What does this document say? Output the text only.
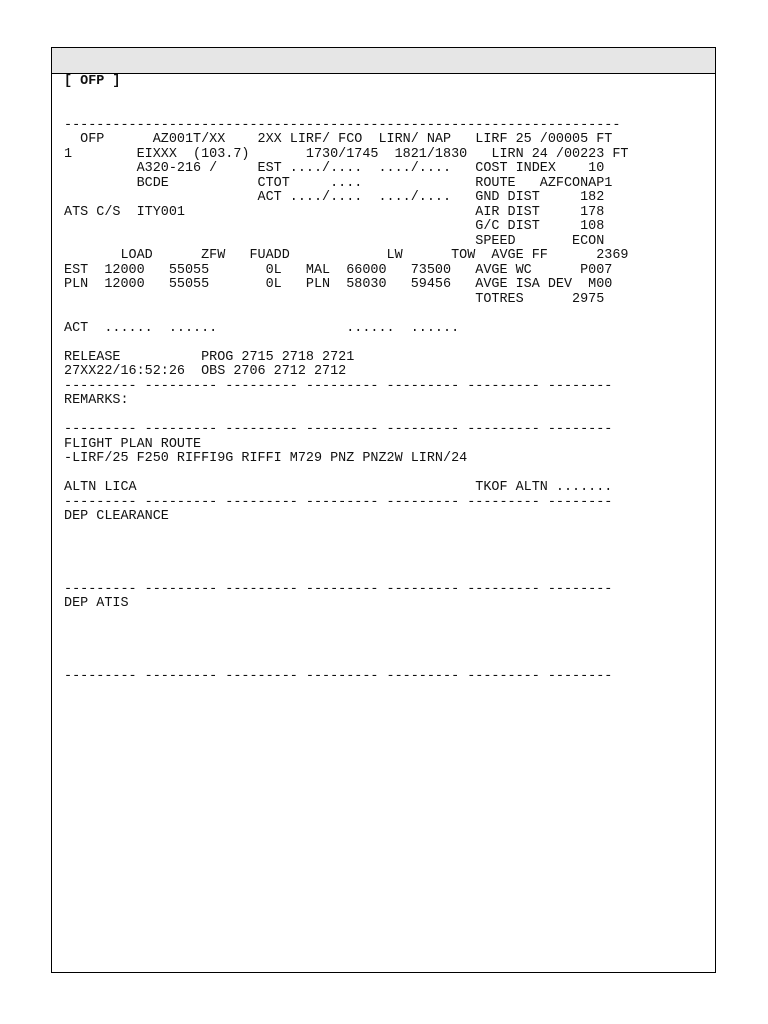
[ OFP ]
---------------------------------------------------------------------
OFP      AZ001T/XX    2XX LIRF/ FCO  LIRN/ NAP   LIRF 25 /00005 FT
1        EIXXX  (103.7)       1730/1745  1821/1830   LIRN 24 /00223 FT
A320-216 /     EST ..../....  ..../....   COST INDEX    10
BCDE           CTOT     ....              ROUTE   AZFCONAP1
ACT ..../....  ..../....   GND DIST     182
ATS C/S  ITY001                                    AIR DIST     178
G/C DIST     108
SPEED       ECON
LOAD      ZFW   FUADD            LW      TOW  AVGE FF      2369
EST  12000   55055       0L   MAL  66000   73500   AVGE WC      P007
PLN  12000   55055       0L   PLN  58030   59456   AVGE ISA DEV  M00
TOTRES      2975
ACT  ......  ......                ......  ......
RELEASE          PROG 2715 2718 2721
27XX22/16:52:26  OBS 2706 2712 2712
--------- --------- --------- --------- --------- --------- --------
REMARKS:
--------- --------- --------- --------- --------- --------- --------
FLIGHT PLAN ROUTE
-LIRF/25 F250 RIFFI9G RIFFI M729 PNZ PNZ2W LIRN/24
ALTN LICA                                          TKOF ALTN .......
--------- --------- --------- --------- --------- --------- --------
DEP CLEARANCE
--------- --------- --------- --------- --------- --------- --------
DEP ATIS
--------- --------- --------- --------- --------- --------- --------
